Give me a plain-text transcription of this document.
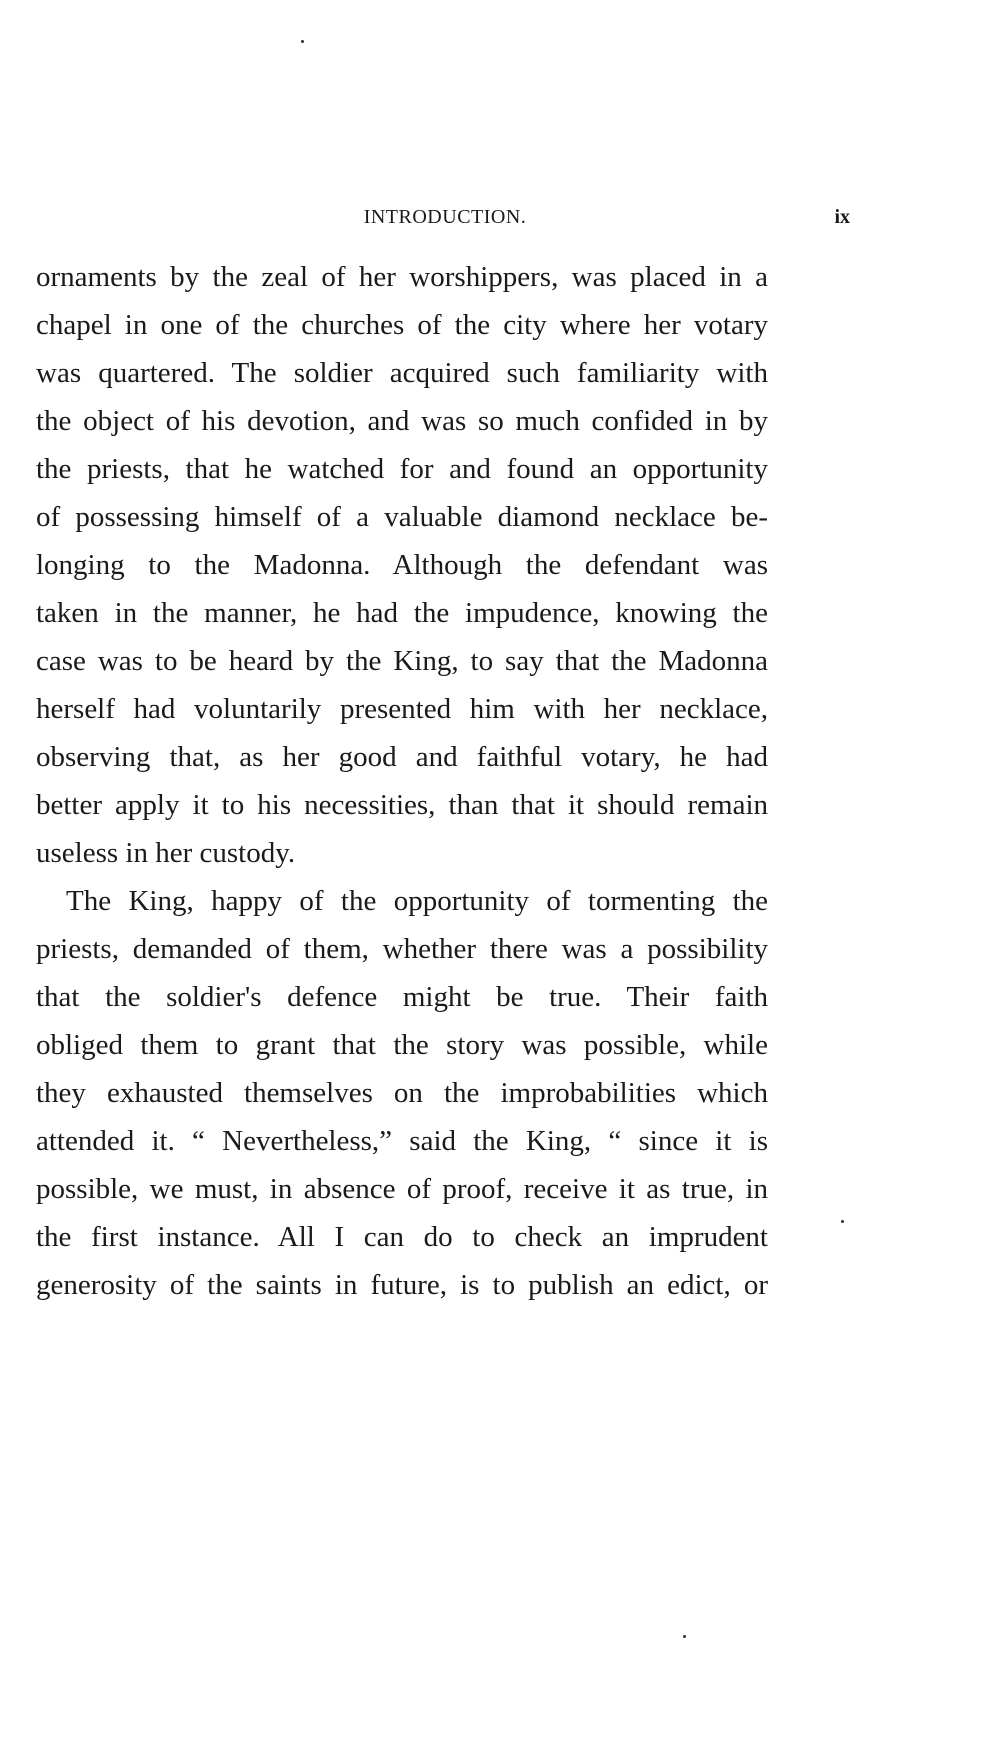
INTRODUCTION.	ix
ornaments by the zeal of her worshippers, was placed in a
chapel in one of the churches of the city where her votary
was quartered. The soldier acquired such familiarity with
the object of his devotion, and was so much confided in by
the priests, that he watched for and found an opportunity
of possessing himself of a valuable diamond necklace be-
longing to the Madonna. Although the defendant was
taken in the manner, he had the impudence, knowing the
case was to be heard by the King, to say that the Madonna
herself had voluntarily presented him with her necklace,
observing that, as her good and faithful votary, he had
better apply it to his necessities, than that it should remain
useless in her custody.
The King, happy of the opportunity of tormenting the
priests, demanded of them, whether there was a possibility
that the soldier's defence might be true. Their faith
obliged them to grant that the story was possible, while
they exhausted themselves on the improbabilities which
attended it. “ Nevertheless,” said the King, “ since it is
possible, we must, in absence of proof, receive it as true, in
the first instance. All I can do to check an imprudent
generosity of the saints in future, is to publish an edict, or
